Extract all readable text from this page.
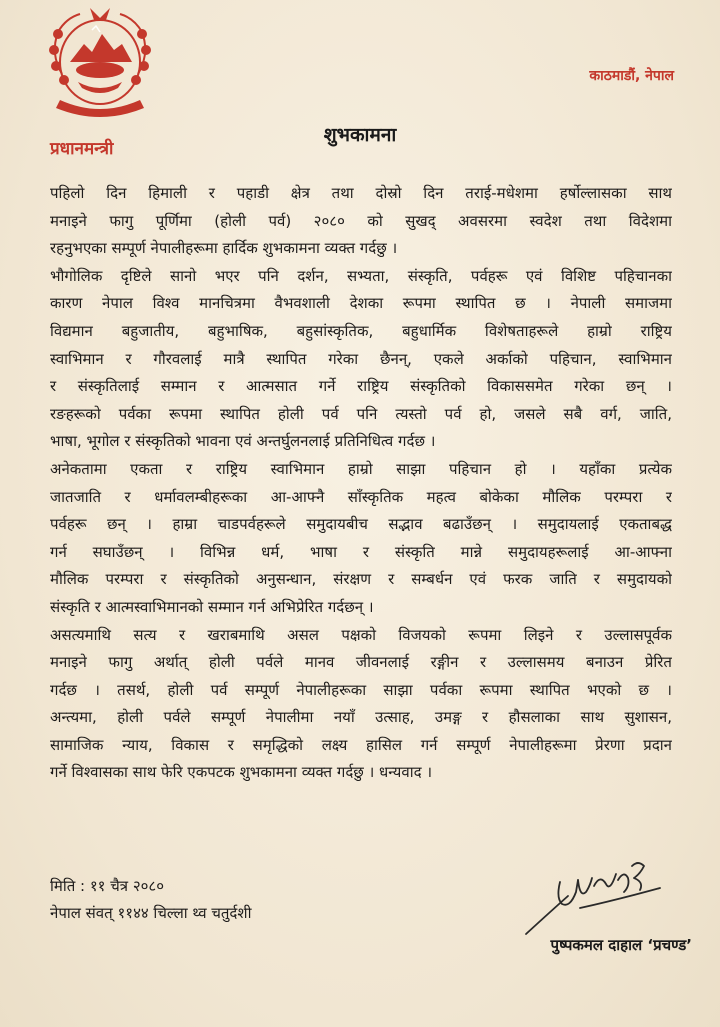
प्रधानमन्त्री
काठमाडौं, नेपाल
शुभकामना
पहिलो दिन हिमाली र पहाडी क्षेत्र तथा दोस्रो दिन तराई-मधेशमा हर्षोल्लासका साथ
मनाइने फागु पूर्णिमा (होली पर्व) २०८० को सुखद् अवसरमा स्वदेश तथा विदेशमा
रहनुभएका सम्पूर्ण नेपालीहरूमा हार्दिक शुभकामना व्यक्त गर्दछु ।
भौगोलिक दृष्टिले सानो भएर पनि दर्शन, सभ्यता, संस्कृति, पर्वहरू एवं विशिष्ट पहिचानका
कारण नेपाल विश्व मानचित्रमा वैभवशाली देशका रूपमा स्थापित छ । नेपाली समाजमा
विद्यमान बहुजातीय, बहुभाषिक, बहुसांस्कृतिक, बहुधार्मिक विशेषताहरूले हाम्रो राष्ट्रिय
स्वाभिमान र गौरवलाई मात्रै स्थापित गरेका छैनन्, एकले अर्काको पहिचान, स्वाभिमान
र संस्कृतिलाई सम्मान र आत्मसात गर्ने राष्ट्रिय संस्कृतिको विकाससमेत गरेका छन् ।
रङहरूको पर्वका रूपमा स्थापित होली पर्व पनि त्यस्तो पर्व हो, जसले सबै वर्ग, जाति,
भाषा, भूगोल र संस्कृतिको भावना एवं अन्तर्घुलनलाई प्रतिनिधित्व गर्दछ ।
अनेकतामा एकता र राष्ट्रिय स्वाभिमान हाम्रो साझा पहिचान हो । यहाँका प्रत्येक
जातजाति र धर्मावलम्बीहरूका आ-आफ्नै साँस्कृतिक महत्व बोकेका मौलिक परम्परा र
पर्वहरू छन् । हाम्रा चाडपर्वहरूले समुदायबीच सद्भाव बढाउँछन् । समुदायलाई एकताबद्ध
गर्न सघाउँछन् । विभिन्न धर्म, भाषा र संस्कृति मान्ने समुदायहरूलाई आ-आफ्ना
मौलिक परम्परा र संस्कृतिको अनुसन्धान, संरक्षण र सम्बर्धन एवं फरक जाति र समुदायको
संस्कृति र आत्मस्वाभिमानको सम्मान गर्न अभिप्रेरित गर्दछन् ।
असत्यमाथि सत्य र खराबमाथि असल पक्षको विजयको रूपमा लिइने र उल्लासपूर्वक
मनाइने फागु अर्थात् होली पर्वले मानव जीवनलाई रङ्गीन र उल्लासमय बनाउन प्रेरित
गर्दछ । तसर्थ, होली पर्व सम्पूर्ण नेपालीहरूका साझा पर्वका रूपमा स्थापित भएको छ ।
अन्त्यमा, होली पर्वले सम्पूर्ण नेपालीमा नयाँ उत्साह, उमङ्ग र हौसलाका साथ सुशासन,
सामाजिक न्याय, विकास र समृद्धिको लक्ष्य हासिल गर्न सम्पूर्ण नेपालीहरूमा प्रेरणा प्रदान
गर्ने विश्वासका साथ फेरि एकपटक शुभकामना व्यक्त गर्दछु । धन्यवाद ।
मिति : ११ चैत्र २०८०
नेपाल संवत् ११४४ चिल्ला थ्व चतुर्दशी
पुष्पकमल दाहाल ‘प्रचण्ड’
